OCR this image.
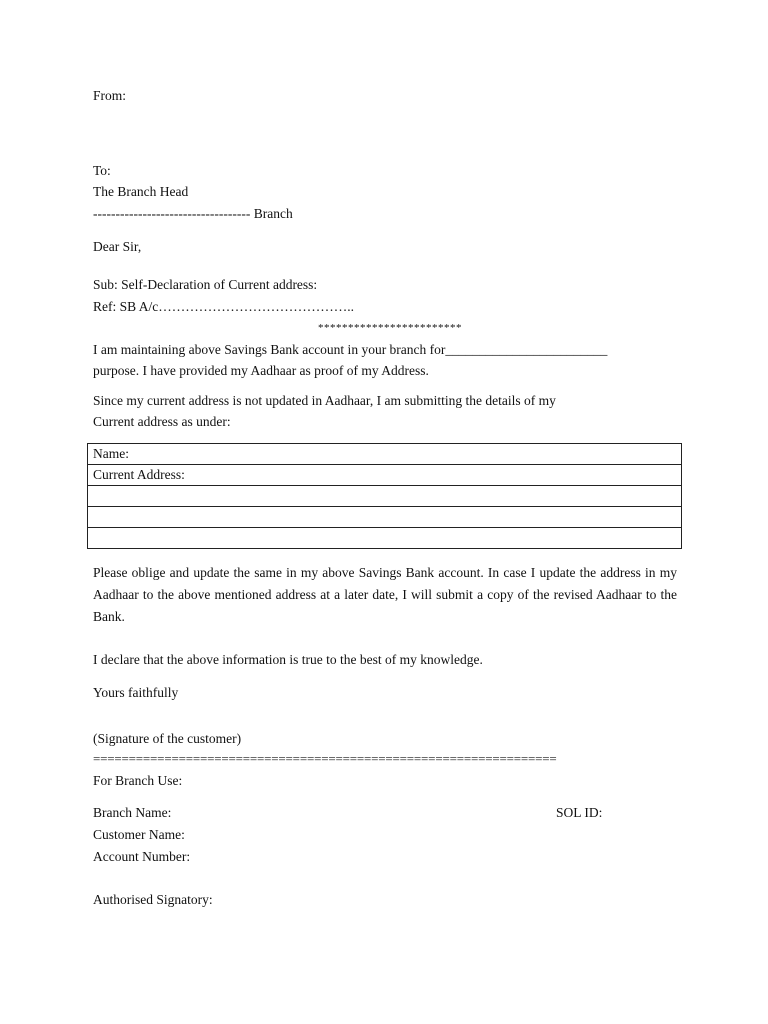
From:
To:
The Branch Head
----------------------------------- Branch
Dear Sir,
Sub: Self-Declaration of Current address:
Ref: SB A/c……………………………………..
************************
I am maintaining above Savings Bank account in your branch for________________________
purpose. I have provided my Aadhaar as proof of my Address.
Since my current address is not updated in Aadhaar, I am submitting the details of my
Current address as under:
Name:
Current Address:

Please oblige and update the same in my above Savings Bank account. In case I update the address in my Aadhaar to the above mentioned address at a later date, I will submit a copy of the revised Aadhaar to the Bank.
I declare that the above information is true to the best of my knowledge.
Yours faithfully
(Signature of the customer)
=================================================================
For Branch Use:
Branch Name:	SOL ID:
Customer Name:
Account Number:
Authorised Signatory:
